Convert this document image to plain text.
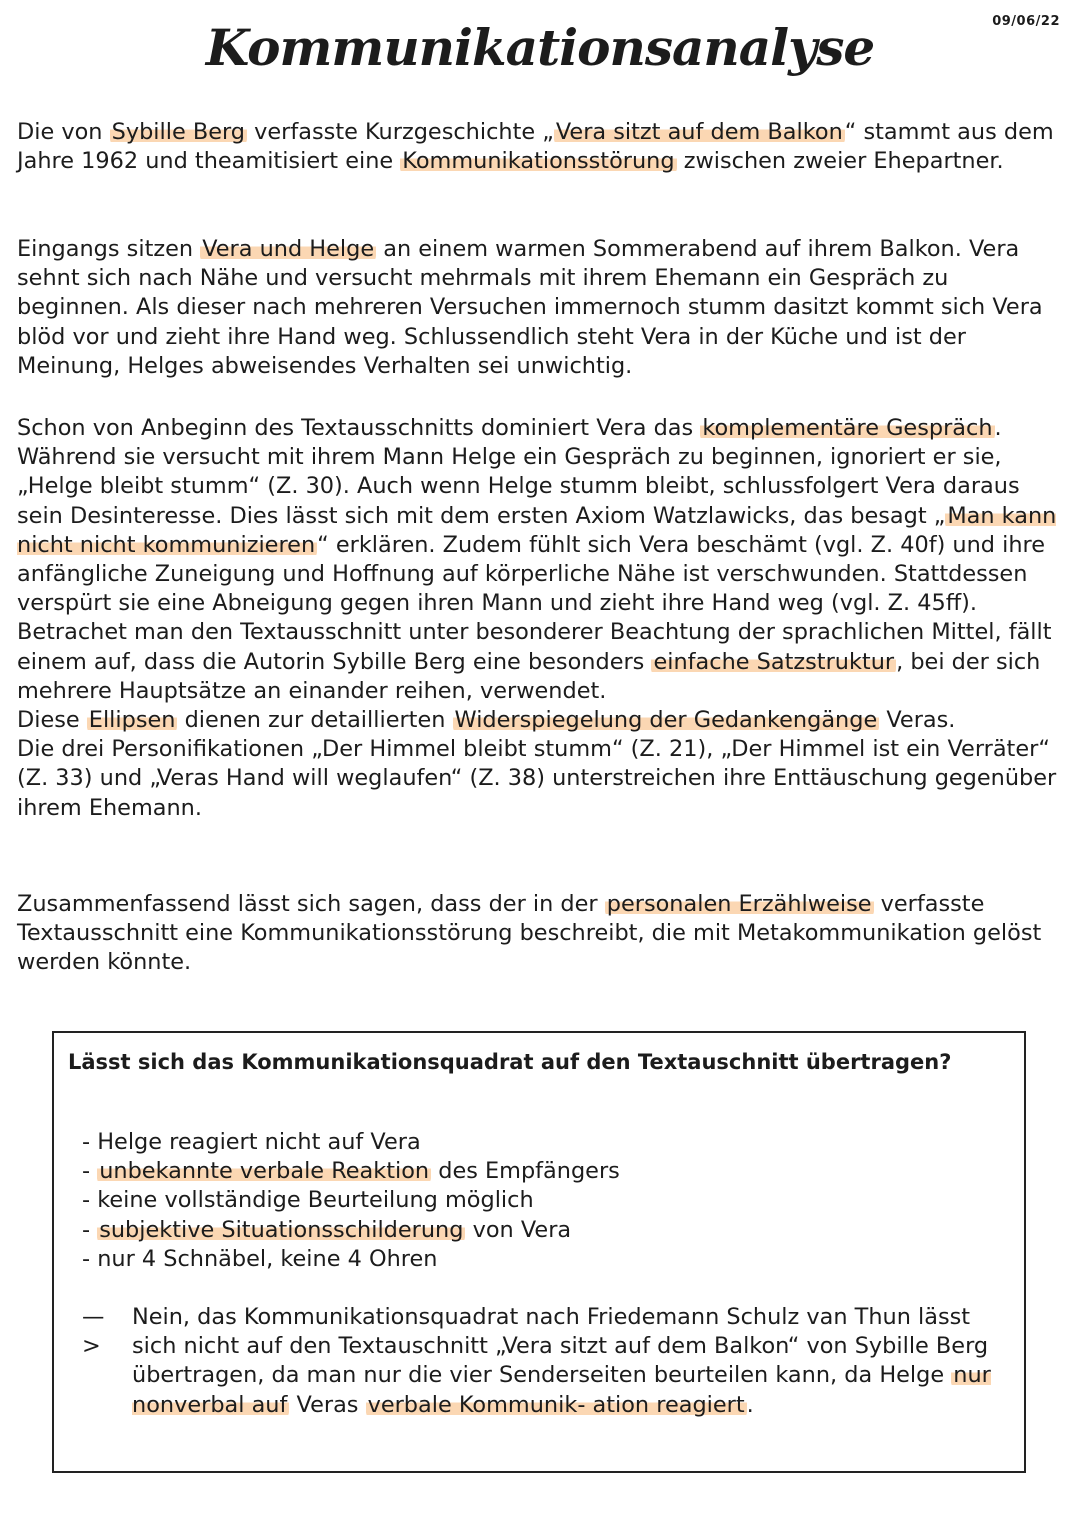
09/06/22
Kommunikationsanalyse

Die von Sybille Berg verfasste Kurzgeschichte „Vera sitzt auf dem Balkon“ stammt aus dem Jahre 1962 und theamitisiert eine Kommunikationsstörung zwischen zweier Ehepartner.

Eingangs sitzen Vera und Helge an einem warmen Sommerabend auf ihrem Balkon. Vera sehnt sich nach Nähe und versucht mehrmals mit ihrem Ehemann ein Gespräch zu beginnen. Als dieser nach mehreren Versuchen immernoch stumm dasitzt kommt sich Vera blöd vor und zieht ihre Hand weg. Schlussendlich steht Vera in der Küche und ist der Meinung, Helges abweisendes Verhalten sei unwichtig.

Schon von Anbeginn des Textausschnitts dominiert Vera das komplementäre Gespräch. Während sie versucht mit ihrem Mann Helge ein Gespräch zu beginnen, ignoriert er sie, „Helge bleibt stumm“ (Z. 30). Auch wenn Helge stumm bleibt, schlussfolgert Vera daraus sein Desinteresse. Dies lässt sich mit dem ersten Axiom Watzlawicks, das besagt „Man kann nicht nicht kommunizieren“ erklären. Zudem fühlt sich Vera beschämt (vgl. Z. 40f) und ihre anfängliche Zuneigung und Hoffnung auf körperliche Nähe ist verschwunden. Stattdessen verspürt sie eine Abneigung gegen ihren Mann und zieht ihre Hand weg (vgl. Z. 45ff).
Betrachet man den Textausschnitt unter besonderer Beachtung der sprachlichen Mittel, fällt einem auf, dass die Autorin Sybille Berg eine besonders einfache Satzstruktur, bei der sich mehrere Hauptsätze an einander reihen, verwendet.
Diese Ellipsen dienen zur detaillierten Widerspiegelung der Gedankengänge Veras.
Die drei Personifikationen „Der Himmel bleibt stumm“ (Z. 21), „Der Himmel ist ein Verräter“ (Z. 33) und „Veras Hand will weglaufen“ (Z. 38) unterstreichen ihre Enttäuschung gegenüber ihrem Ehemann.

Zusammenfassend lässt sich sagen, dass der in der personalen Erzählweise verfasste Textausschnitt eine Kommunikationsstörung beschreibt, die mit Metakommunikation gelöst werden könnte.

Lässt sich das Kommunikationsquadrat auf den Textauschnitt übertragen?

- Helge reagiert nicht auf Vera
- unbekannte verbale Reaktion des Empfängers
- keine vollständige Beurteilung möglich
- subjektive Situationsschilderung von Vera
- nur 4 Schnäbel, keine 4 Ohren
—>

Nein, das Kommunikationsquadrat nach Friedemann Schulz van Thun lässt sich nicht auf den Textauschnitt „Vera sitzt auf dem Balkon“ von Sybille Berg übertragen, da man nur die vier Senderseiten beurteilen kann, da Helge nur nonverbal auf Veras verbale Kommunik- ation reagiert.
